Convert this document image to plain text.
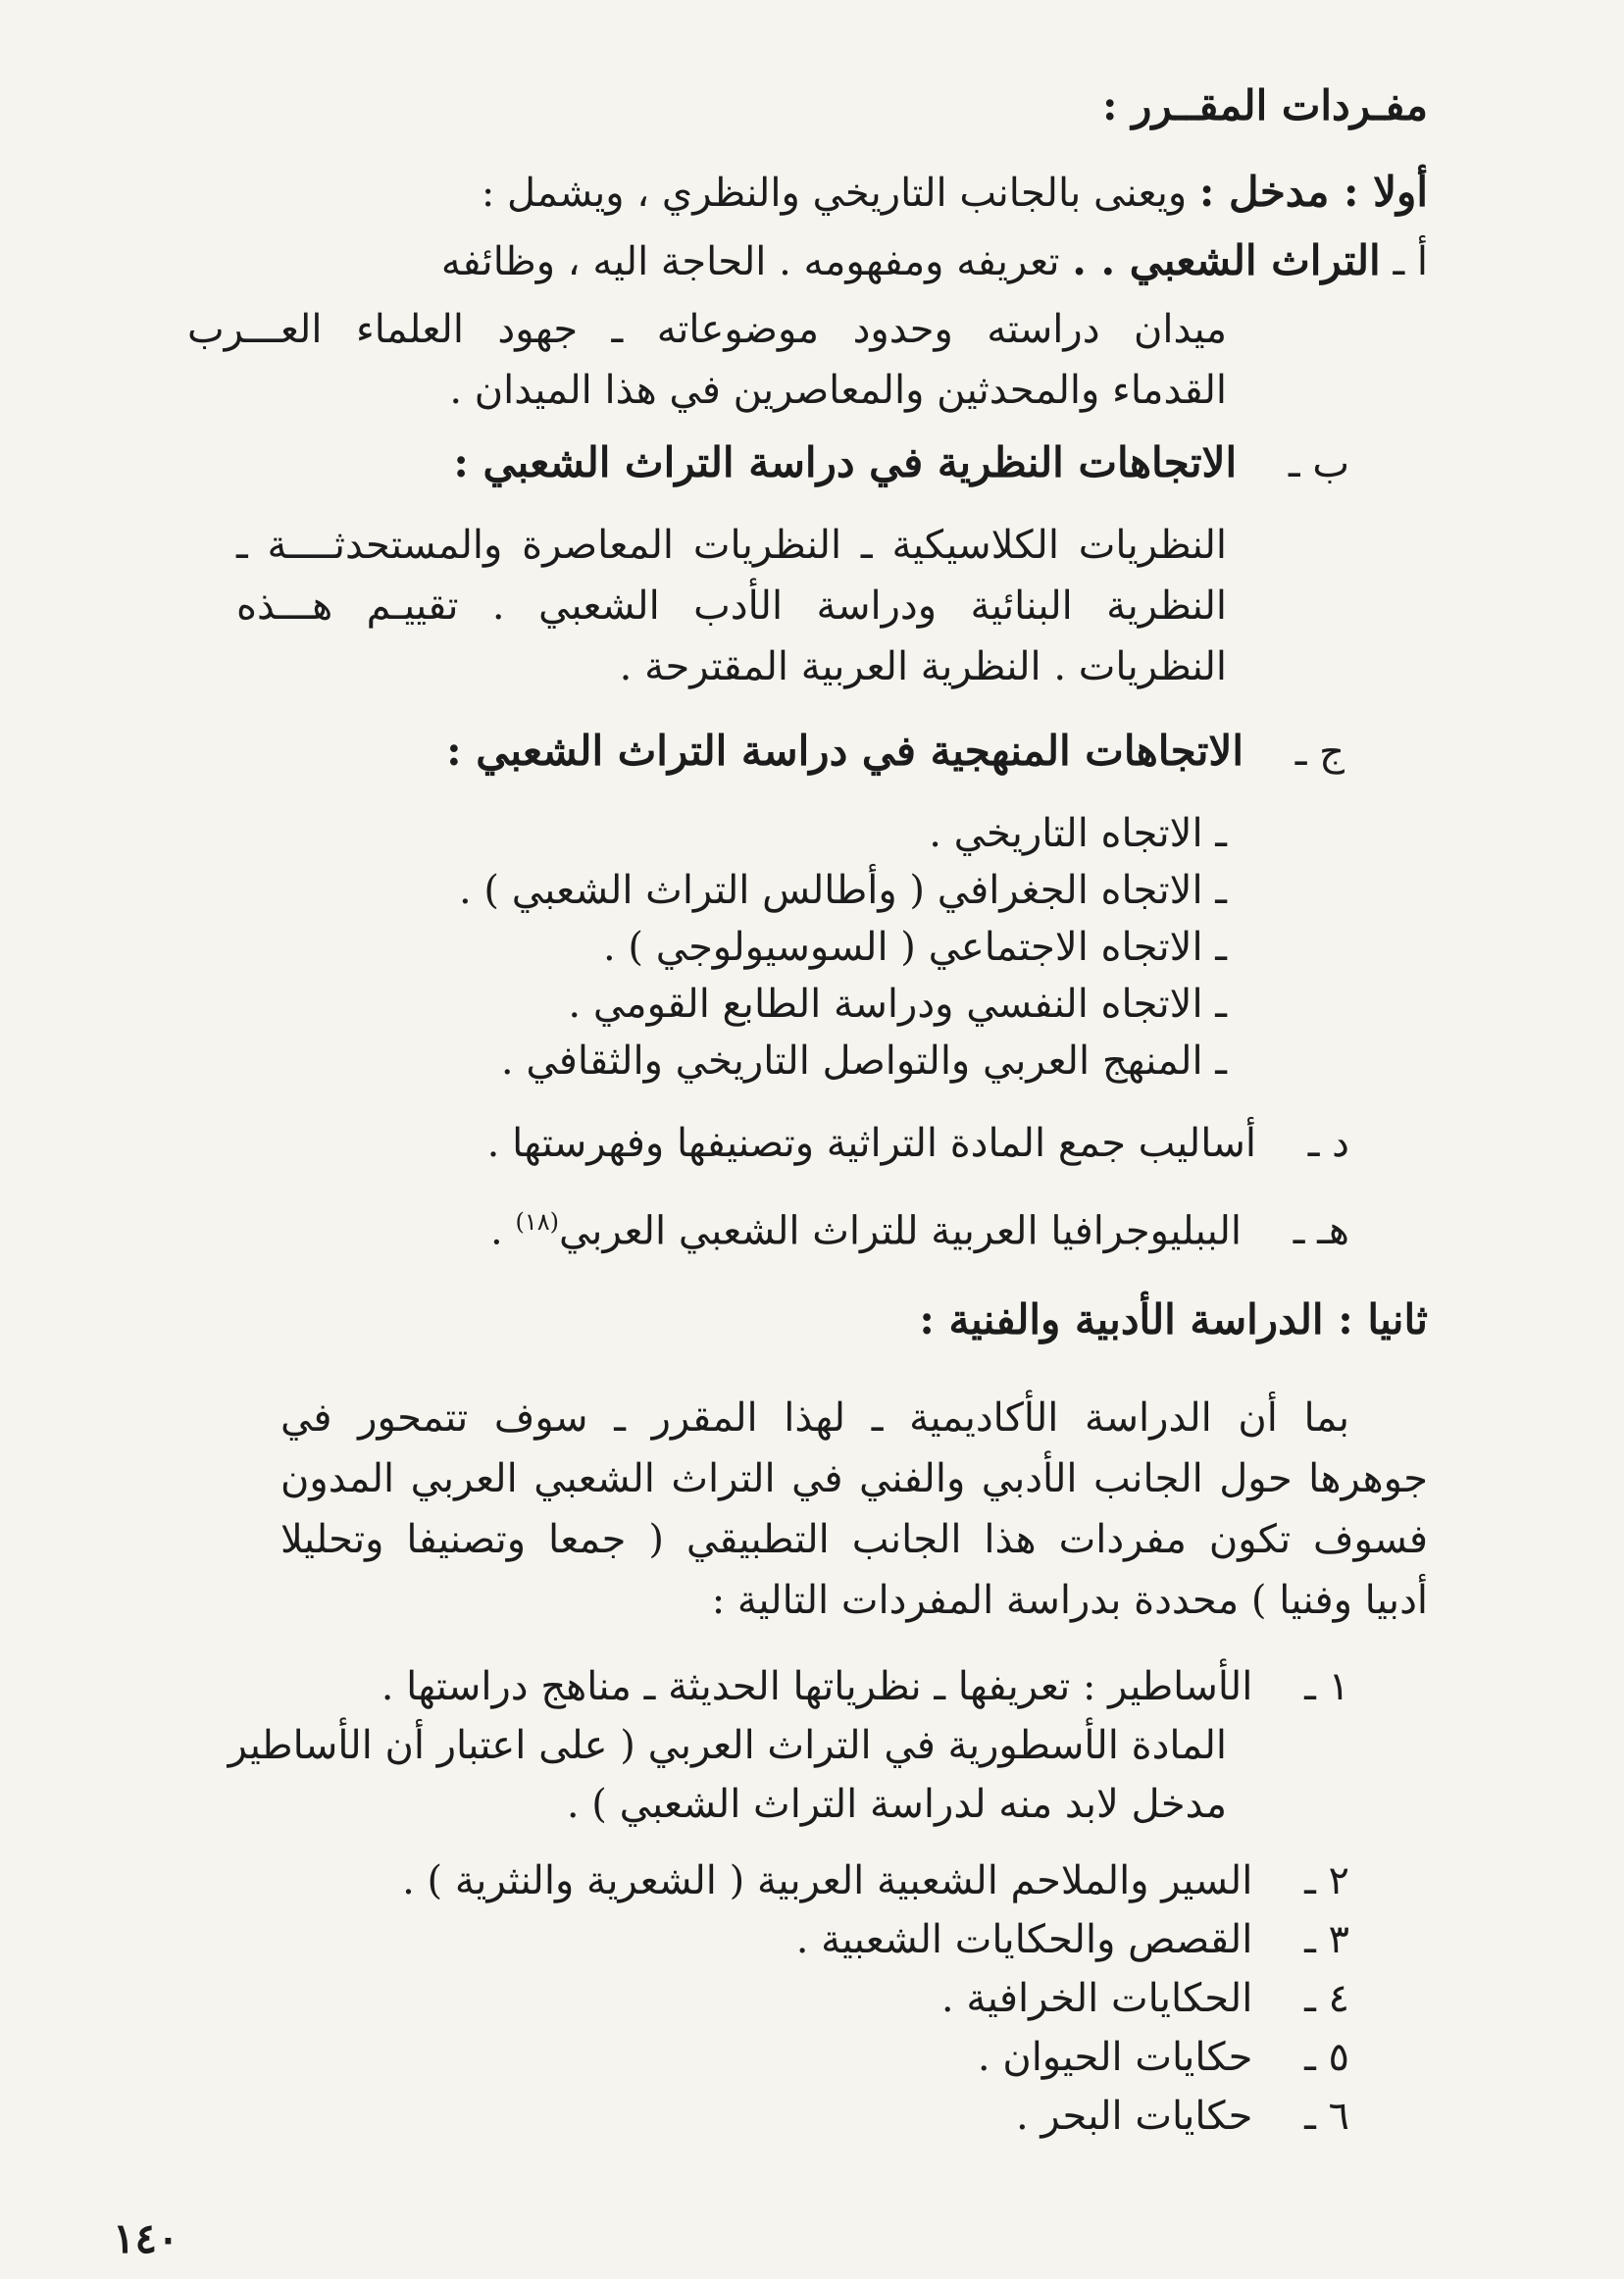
مفـردات المقــرر :
أولا : مدخل : ويعنى بالجانب التاريخي والنظري ، ويشمل :
أ ـ التراث الشعبي . . تعريفه ومفهومه . الحاجة اليه ، وظائفه
ميدان دراسته وحدود موضوعاته ـ جهود العلماء العـــرب
القدماء والمحدثين والمعاصرين في هذا الميدان .
ب ـ الاتجاهات النظرية في دراسة التراث الشعبي :
النظريات الكلاسيكية ـ النظريات المعاصرة والمستحدثــــة ـ
النظرية البنائية ودراسة الأدب الشعبي . تقييـم هـــذه
النظريات . النظرية العربية المقترحة .
ج ـ الاتجاهات المنهجية في دراسة التراث الشعبي :
ـ الاتجاه التاريخي .
ـ الاتجاه الجغرافي ( وأطالس التراث الشعبي ) .
ـ الاتجاه الاجتماعي ( السوسيولوجي ) .
ـ الاتجاه النفسي ودراسة الطابع القومي .
ـ المنهج العربي والتواصل التاريخي والثقافي .
د ـ أساليب جمع المادة التراثية وتصنيفها وفهرستها .
هـ ـ الببليوجرافيا العربية للتراث الشعبي العربي$^{(١٨)}$ .
ثانيا : الدراسة الأدبية والفنية :
بما أن الدراسة الأكاديمية ـ لهذا المقرر ـ سوف تتمحور في
جوهرها حول الجانب الأدبي والفني في التراث الشعبي العربي المدون
فسوف تكون مفردات هذا الجانب التطبيقي ( جمعا وتصنيفا وتحليلا
أدبيا وفنيا ) محددة بدراسة المفردات التالية :
١ ـ الأساطير : تعريفها ـ نظرياتها الحديثة ـ مناهج دراستها .
المادة الأسطورية في التراث العربي ( على اعتبار أن الأساطير
مدخل لابد منه لدراسة التراث الشعبي ) .
٢ ـ السير والملاحم الشعبية العربية ( الشعرية والنثرية ) .
٣ ـ القصص والحكايات الشعبية .
٤ ـ الحكايات الخرافية .
٥ ـ حكايات الحيوان .
٦ ـ حكايات البحر .
١٤٠
